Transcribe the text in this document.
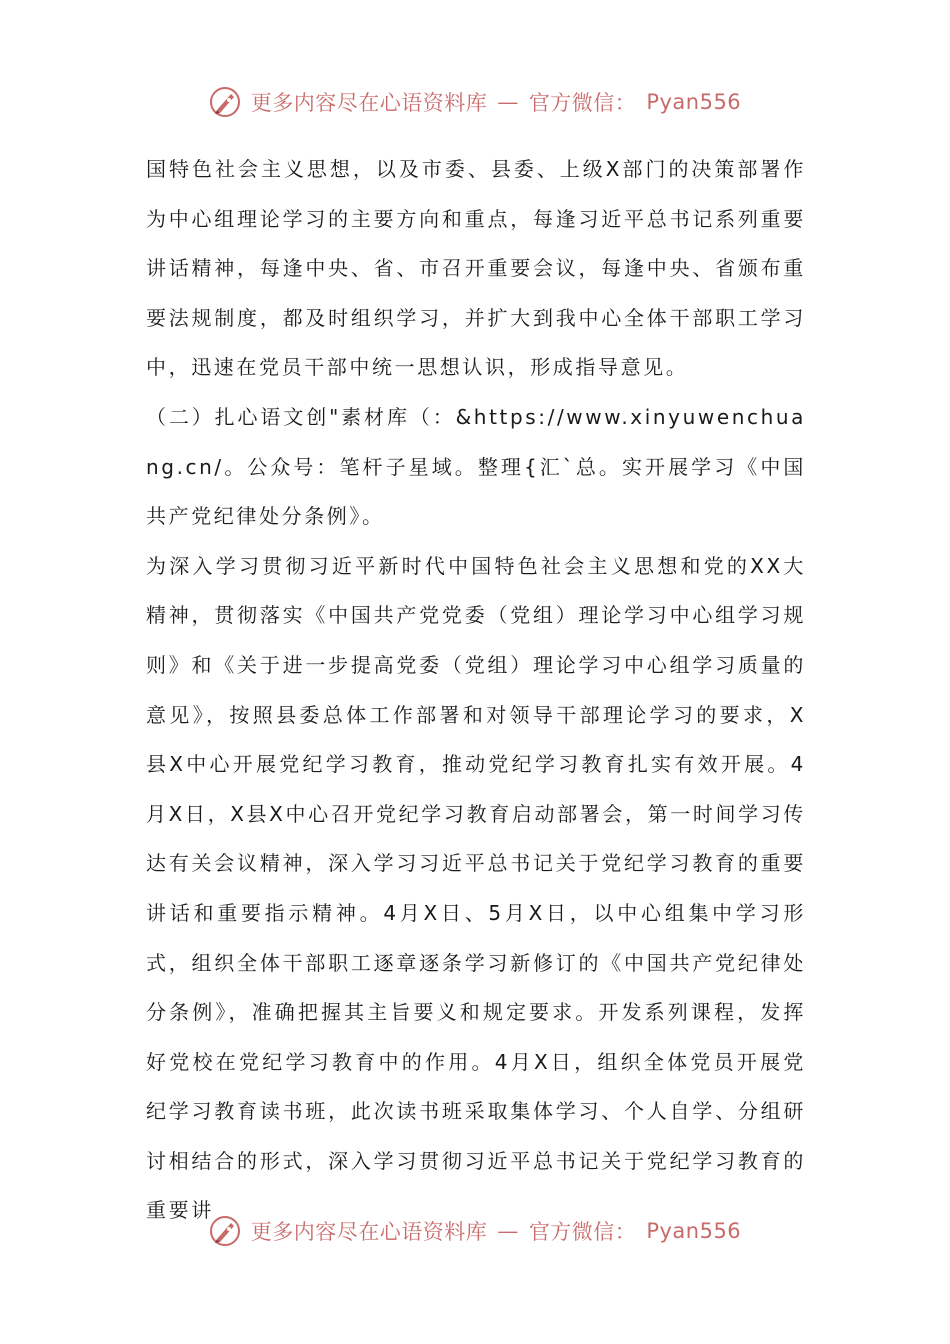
更多内容尽在心语资料库 — 官方微信： Pyan556

国特色社会主义思想，以及市委、县委、上级X部门的决策部署作为中心组理论学习的主要方向和重点，每逢习近平总书记系列重要讲话精神，每逢中央、省、市召开重要会议，每逢中央、省颁布重要法规制度，都及时组织学习，并扩大到我中心全体干部职工学习中，迅速在党员干部中统一思想认识，形成指导意见。

（二）扎心语文创"素材库（：&https://www.xinyuwenchuang.cn/。公众号：笔杆子星域。整理{汇`总。实开展学习《中国共产党纪律处分条例》。

为深入学习贯彻习近平新时代中国特色社会主义思想和党的XX大精神，贯彻落实《中国共产党党委（党组）理论学习中心组学习规则》和《关于进一步提高党委（党组）理论学习中心组学习质量的意见》，按照县委总体工作部署和对领导干部理论学习的要求，X县X中心开展党纪学习教育，推动党纪学习教育扎实有效开展。4月X日，X县X中心召开党纪学习教育启动部署会，第一时间学习传达有关会议精神，深入学习习近平总书记关于党纪学习教育的重要讲话和重要指示精神。4月X日、5月X日，以中心组集中学习形式，组织全体干部职工逐章逐条学习新修订的《中国共产党纪律处分条例》，准确把握其主旨要义和规定要求。开发系列课程，发挥好党校在党纪学习教育中的作用。4月X日，组织全体党员开展党纪学习教育读书班，此次读书班采取集体学习、个人自学、分组研讨相结合的形式，深入学习贯彻习近平总书记关于党纪学习教育的重要讲

更多内容尽在心语资料库 — 官方微信： Pyan556
